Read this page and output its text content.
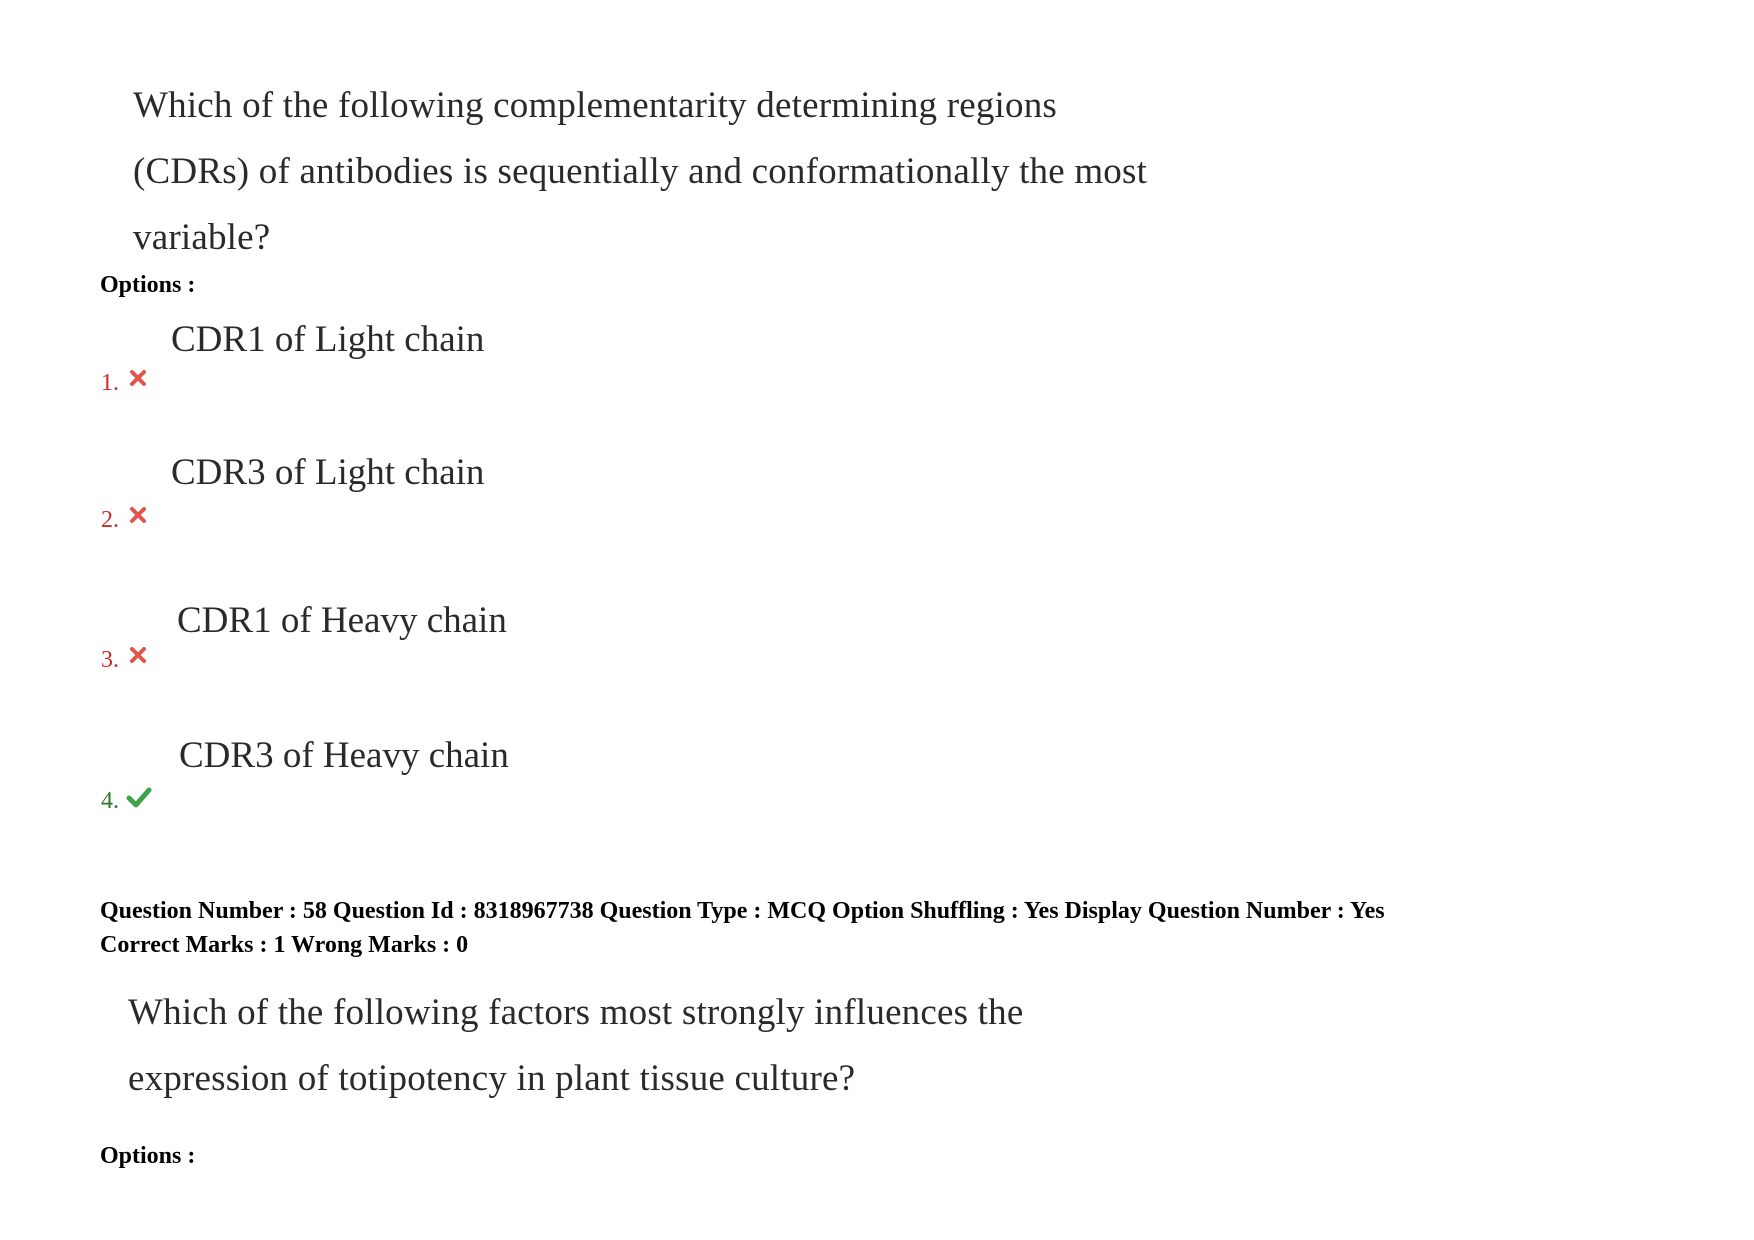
Which of the following complementarity determining regions
(CDRs) of antibodies is sequentially and conformationally the most
variable?
Options :
CDR1 of Light chain
1.
CDR3 of Light chain
2.
CDR1 of Heavy chain
3.
CDR3 of Heavy chain
4.
Question Number : 58 Question Id : 8318967738 Question Type : MCQ Option Shuffling : Yes Display Question Number : Yes
Correct Marks : 1 Wrong Marks : 0
Which of the following factors most strongly influences the
expression of totipotency in plant tissue culture?
Options :
